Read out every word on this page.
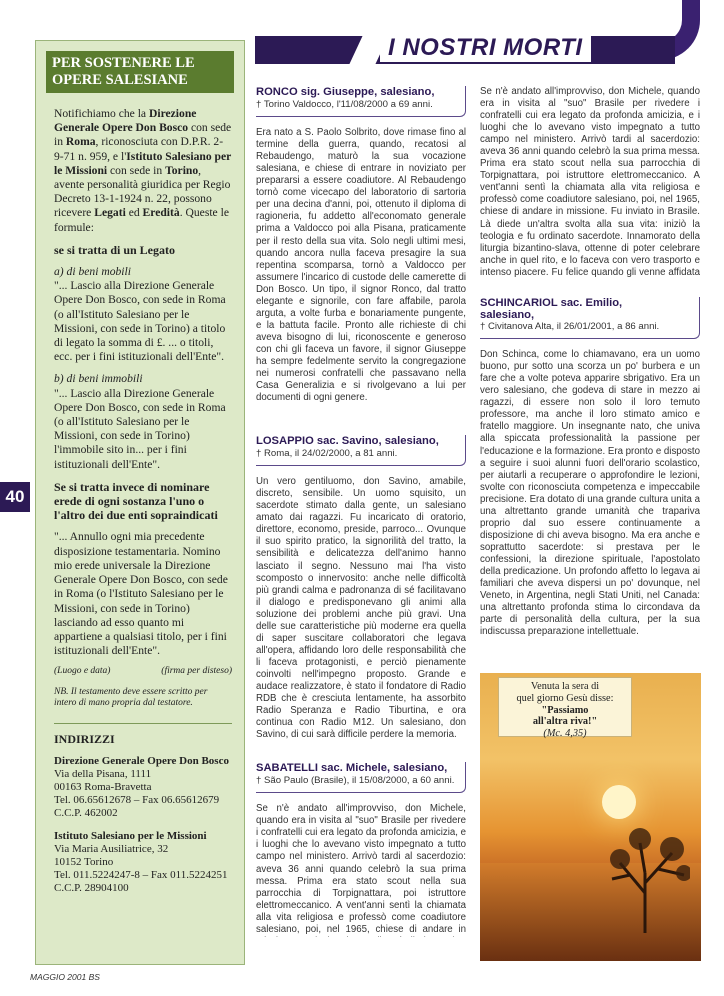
I NOSTRI MORTI
40
PER SOSTENERE LE OPERE SALESIANE

Notifichiamo che la Direzione Generale Opere Don Bosco con sede in Roma, riconosciuta con D.P.R. 2-9-71 n. 959, e l'Istituto Salesiano per le Missioni con sede in Torino, avente personalità giuridica per Regio Decreto 13-1-1924 n. 22, possono ricevere Legati ed Eredità. Queste le formule:

se si tratta di un Legato

a) di beni mobili

"... Lascio alla Direzione Generale Opere Don Bosco, con sede in Roma (o all'Istituto Salesiano per le Missioni, con sede in Torino) a titolo di legato la somma di £. ... o titoli, ecc. per i fini istituzionali dell'Ente".

b) di beni immobili

"... Lascio alla Direzione Generale Opere Don Bosco, con sede in Roma (o all'Istituto Salesiano per le Missioni, con sede in Torino) l'immobile sito in... per i fini istituzionali dell'Ente".

Se si tratta invece di nominare erede di ogni sostanza l'uno o l'altro dei due enti sopraindicati

"... Annullo ogni mia precedente disposizione testamentaria. Nomino mio erede universale la Direzione Generale Opere Don Bosco, con sede in Roma (o l'Istituto Salesiano per le Missioni, con sede in Torino) lasciando ad esso quanto mi appartiene a qualsiasi titolo, per i fini istituzionali dell'Ente".

(Luogo e data)	(firma per disteso)

NB. Il testamento deve essere scritto per intero di mano propria dal testatore.

INDIRIZZI

Direzione Generale Opere Don Bosco

Via della Pisana, 1111

00163 Roma-Bravetta

Tel. 06.65612678 – Fax 06.65612679

C.C.P. 462002

Istituto Salesiano per le Missioni

Via Maria Ausiliatrice, 32

10152 Torino

Tel. 011.5224247-8 – Fax 011.5224251

C.C.P. 28904100

RONCO sig. Giuseppe, salesiano,
† Torino Valdocco, l'11/08/2000 a 69 anni.

Era nato a S. Paolo Solbrito, dove rimase fino al termine della guerra, quando, recatosi al Rebaudengo, maturò la sua vocazione salesiana, e chiese di entrare in noviziato per prepararsi a essere coadiutore. Al Rebaudengo tornò come vicecapo del laboratorio di sartoria per una decina d'anni, poi, ottenuto il diploma di ragioneria, fu addetto all'economato generale prima a Valdocco poi alla Pisana, praticamente per il resto della sua vita. Solo negli ultimi mesi, quando ancora nulla faceva presagire la sua repentina scomparsa, tornò a Valdocco per assumere l'incarico di custode delle camerette di Don Bosco. Un tipo, il signor Ronco, dal tratto elegante e signorile, con fare affabile, parola arguta, a volte furba e bonariamente pungente, e la battuta facile. Pronto alle richieste di chi aveva bisogno di lui, riconoscente e generoso con chi gli faceva un favore, il signor Giuseppe ha sempre fedelmente servito la congregazione nei numerosi confratelli che passavano nella Casa Generalizia e si rivolgevano a lui per documenti di ogni genere.

LOSAPPIO sac. Savino, salesiano,
† Roma, il 24/02/2000, a 81 anni.

Un vero gentiluomo, don Savino, amabile, discreto, sensibile. Un uomo squisito, un sacerdote stimato dalla gente, un salesiano amato dai ragazzi. Fu incaricato di oratorio, direttore, economo, preside, parroco... Ovunque il suo spirito pratico, la signorilità del tratto, la sensibilità e delicatezza dell'animo hanno lasciato il segno. Nessuno mai l'ha visto scomposto o innervosito: anche nelle difficoltà più grandi calma e padronanza di sé facilitavano il dialogo e predisponevano gli animi alla soluzione dei problemi anche più gravi. Una delle sue caratteristiche più moderne era quella di saper suscitare collaboratori che legava all'opera, affidando loro delle responsabilità che li faceva protagonisti, e perciò pienamente coinvolti nell'impegno proposto. Grande e audace realizzatore, è stato il fondatore di Radio RDB che è cresciuta lentamente, ha assorbito Radio Speranza e Radio Tiburtina, e ora continua con Radio M12. Un salesiano, don Savino, di cui sarà difficile perdere la memoria.

SABATELLI sac. Michele, salesiano,
† São Paulo (Brasile), il 15/08/2000, a 60 anni.

Se n'è andato all'improvviso, don Michele, quando era in visita al "suo" Brasile per rivedere i confratelli cui era legato da profonda amicizia, e i luoghi che lo avevano visto impegnato a tutto campo nel ministero. Arrivò tardi al sacerdozio: aveva 36 anni quando celebrò la sua prima messa. Prima era stato scout nella sua parrocchia di Torpignattara, poi istruttore elettromeccanico. A vent'anni sentì la chiamata alla vita religiosa e professò come coadiutore salesiano, poi, nel 1965, chiese di andare in

Se n'è andato all'improvviso, don Michele, quando era in visita al "suo" Brasile per rivedere i confratelli cui era legato da profonda amicizia, e i luoghi che lo avevano visto impegnato a tutto campo nel ministero. Arrivò tardi al sacerdozio: aveva 36 anni quando celebrò la sua prima messa. Prima era stato scout nella sua parrocchia di Torpignattara, poi istruttore elettromeccanico. A vent'anni sentì la chiamata alla vita religiosa e professò come coadiutore salesiano, poi, nel 1965, chiese di andare in missione. Fu inviato in Brasile. Là diede un'altra svolta alla sua vita: iniziò la teologia e fu ordinato sacerdote. Innamorato della liturgia bizantino-slava, ottenne di poter celebrare anche in quel rito, e lo faceva con vero trasporto e intenso piacere. Fu felice quando gli venne affidata

SCHINCARIOL sac. Emilio,
salesiano,
† Civitanova Alta, il 26/01/2001, a 86 anni.

Don Schinca, come lo chiamavano, era un uomo buono, pur sotto una scorza un po' burbera e un fare che a volte poteva apparire sbrigativo. Era un vero salesiano, che godeva di stare in mezzo ai ragazzi, di essere non solo il loro temuto professore, ma anche il loro stimato amico e fratello maggiore. Un insegnante nato, che univa alla spiccata professionalità la passione per l'educazione e la formazione. Era pronto e disposto a seguire i suoi alunni fuori dell'orario scolastico, per aiutarli a recuperare o approfondire le lezioni, svolte con riconosciuta competenza e impeccabile precisione. Era dotato di una grande cultura unita a una altrettanto grande umanità che trapariva proprio dal suo essere continuamente a disposizione di chi aveva bisogno. Ma era anche e soprattutto sacerdote: si prestava per le confessioni, la direzione spirituale, l'apostolato della predicazione. Un profondo affetto lo legava ai familiari che aveva dispersi un po' dovunque, nel Veneto, in Argentina, negli Stati Uniti, nel Canada: una altrettanto profonda stima lo circondava da parte di personalità della cultura, per la sua indiscussa preparazione intellettuale.

Venuta la sera di
quel giorno Gesù disse:
"Passiamo
all'altra riva!"
(Mc. 4,35)
MAGGIO 2001 BS
